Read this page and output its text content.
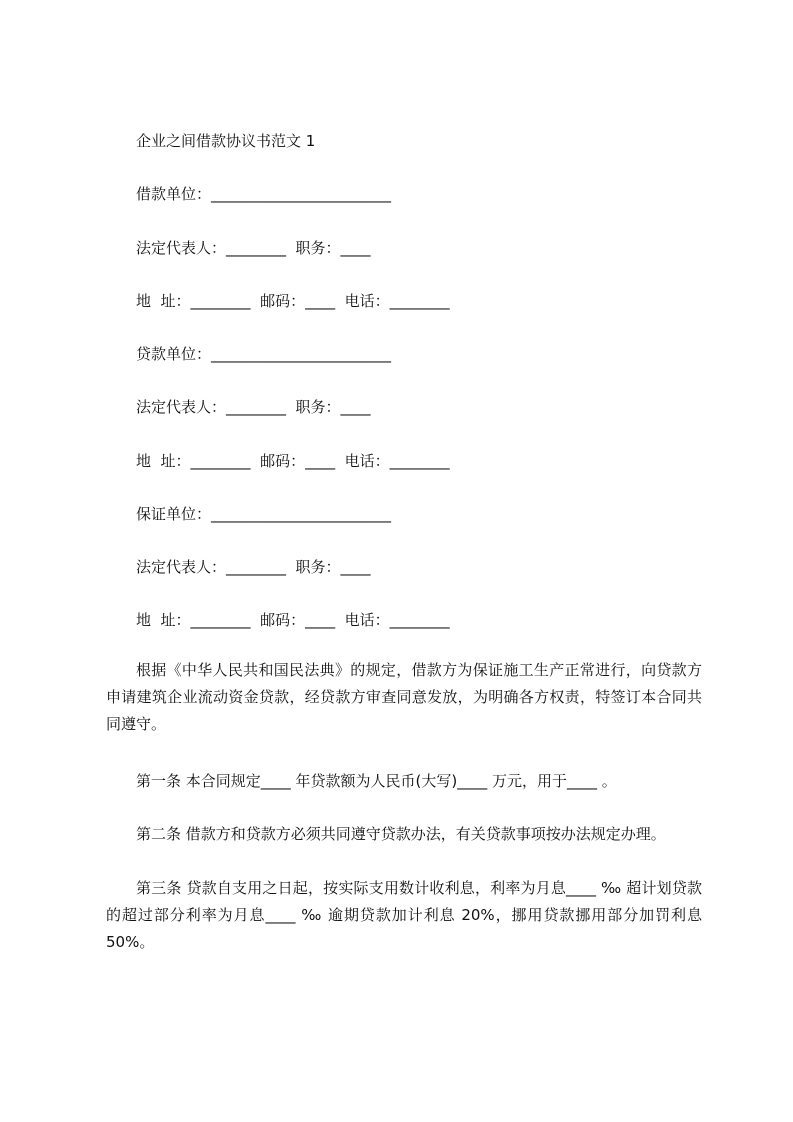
企业之间借款协议书范文 1
借款单位：________________________
法定代表人：________  职务：____
地  址：________  邮码：____  电话：________
贷款单位：________________________
法定代表人：________  职务：____
地  址：________  邮码：____  电话：________
保证单位：________________________
法定代表人：________  职务：____
地  址：________  邮码：____  电话：________
根据《中华人民共和国民法典》的规定，借款方为保证施工生产正常进行，向贷款方申请建筑企业流动资金贷款，经贷款方审查同意发放，为明确各方权责，特签订本合同共同遵守。
第一条 本合同规定____ 年贷款额为人民币(大写)____ 万元，用于____ 。
第二条 借款方和贷款方必须共同遵守贷款办法，有关贷款事项按办法规定办理。
第三条 贷款自支用之日起，按实际支用数计收利息，利率为月息____ ‰ 超计划贷款的超过部分利率为月息____ ‰ 逾期贷款加计利息 20%，挪用贷款挪用部分加罚利息 50%。
